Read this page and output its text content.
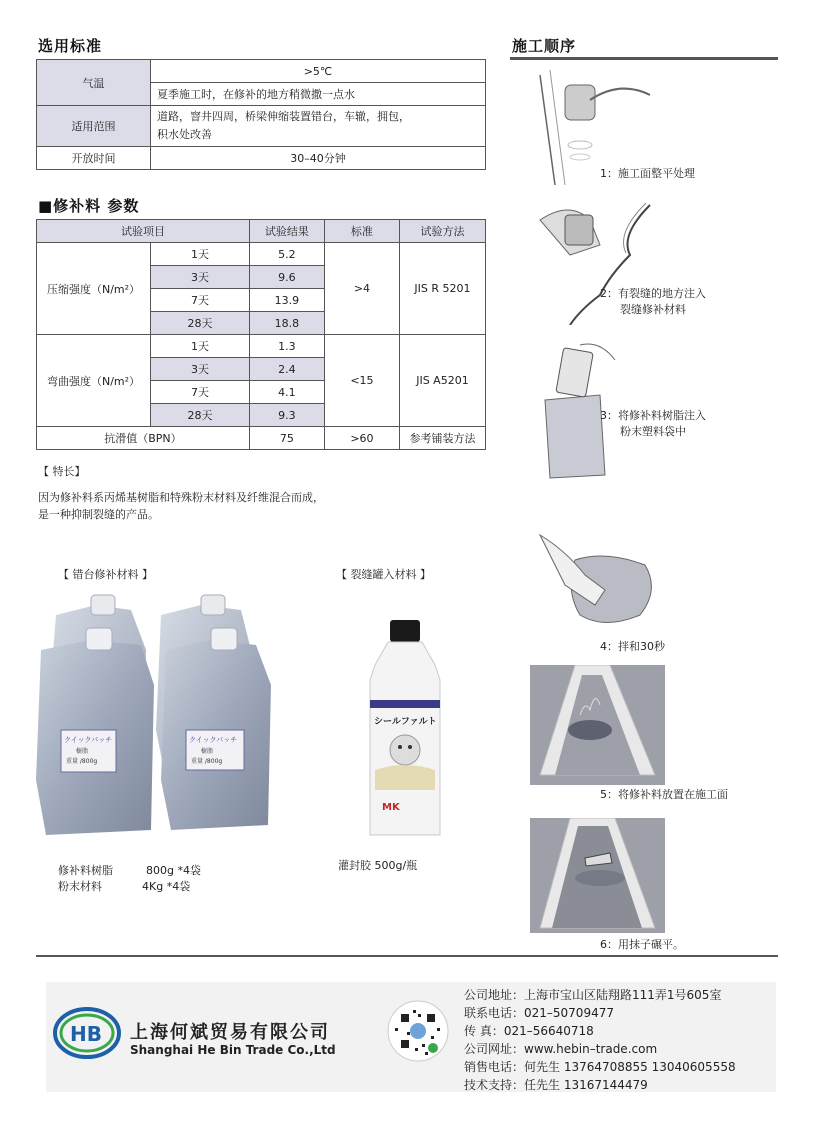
选用标准
气温	>5℃
	夏季施工时，在修补的地方稍微撒一点水
适用范围	道路，窨井四周，桥梁伸缩装置错台，车辙，拥包，
积水处改善

开放时间	30–40分钟
■修补料 参数
试验项目		试验结果	标准	试验方法
压缩强度（N/m²）	1天	5.2	>4	JIS R 5201
	3天	9.6		
	7天	13.9		
	28天	18.8		
弯曲强度（N/m²）	1天	1.3	<15	JIS A5201
	3天	2.4		
	7天	4.1		
	28天	9.3		
抗滑值（BPN）		75	>60	参考铺装方法
【 特长】
因为修补料系丙烯基树脂和特殊粉末材料及纤维混合而成，
是一种抑制裂缝的产品。
【 错台修补材料 】	【 裂缝罐入材料 】
クイックパッチ
樹脂
重量 /800g
クイックパッチ
樹脂
重量 /800g
シールファルト
MK
修补料树脂	800g *4袋
粉末材料	4Kg *4袋
灌封胶 500g/瓶
施工顺序
1：施工面整平处理
2：有裂缝的地方注入
裂缝修补材料
3：将修补料树脂注入
粉末塑料袋中
4：拌和30秒
5：将修补料放置在施工面
6：用抹子碾平。
HB 上海何斌贸易有限公司
Shanghai He Bin Trade Co.,Ltd
公司地址：上海市宝山区陆翔路111弄1号605室
联系电话：021–50709477
传 真：021–56640718
公司网址：www.hebin–trade.com
销售电话：何先生 13764708855 13040605558
技术支持：任先生 13167144479
